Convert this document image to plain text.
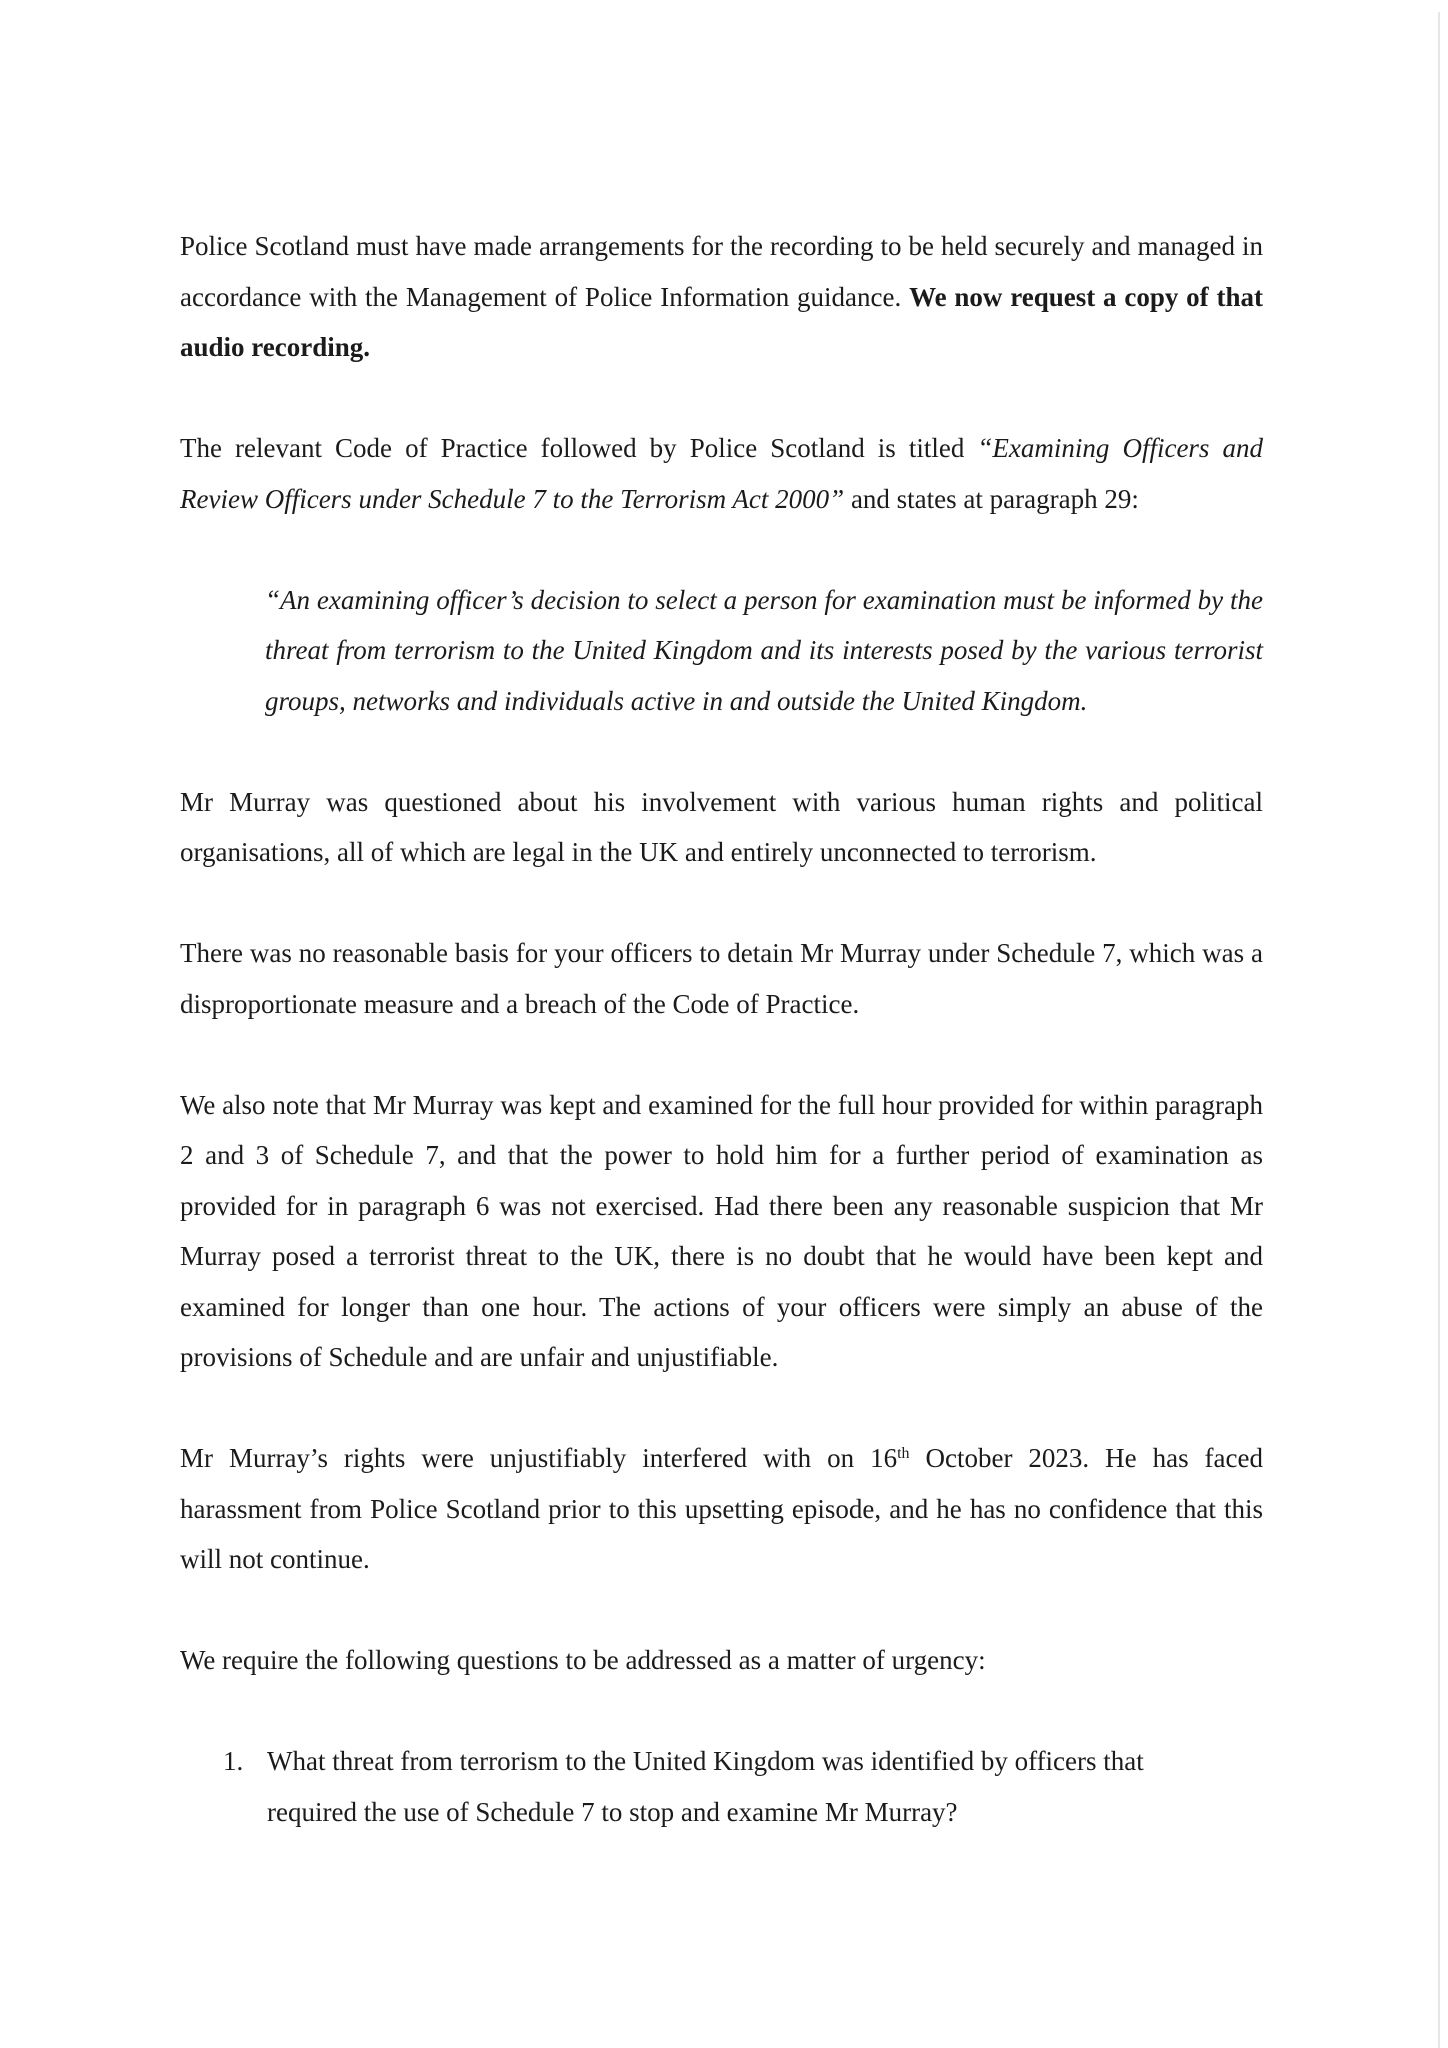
Police Scotland must have made arrangements for the recording to be held securely and managed in accordance with the Management of Police Information guidance. We now request a copy of that audio recording.

The relevant Code of Practice followed by Police Scotland is titled “Examining Officers and Review Officers under Schedule 7 to the Terrorism Act 2000” and states at paragraph 29:

“An examining officer’s decision to select a person for examination must be informed by the threat from terrorism to the United Kingdom and its interests posed by the various terrorist groups, networks and individuals active in and outside the United Kingdom.

Mr Murray was questioned about his involvement with various human rights and political organisations, all of which are legal in the UK and entirely unconnected to terrorism.

There was no reasonable basis for your officers to detain Mr Murray under Schedule 7, which was a disproportionate measure and a breach of the Code of Practice.

We also note that Mr Murray was kept and examined for the full hour provided for within paragraph 2 and 3 of Schedule 7, and that the power to hold him for a further period of examination as provided for in paragraph 6 was not exercised. Had there been any reasonable suspicion that Mr Murray posed a terrorist threat to the UK, there is no doubt that he would have been kept and examined for longer than one hour. The actions of your officers were simply an abuse of the provisions of Schedule and are unfair and unjustifiable.

Mr Murray’s rights were unjustifiably interfered with on 16th October 2023. He has faced harassment from Police Scotland prior to this upsetting episode, and he has no confidence that this will not continue.

We require the following questions to be addressed as a matter of urgency:

1. What threat from terrorism to the United Kingdom was identified by officers that required the use of Schedule 7 to stop and examine Mr Murray?
